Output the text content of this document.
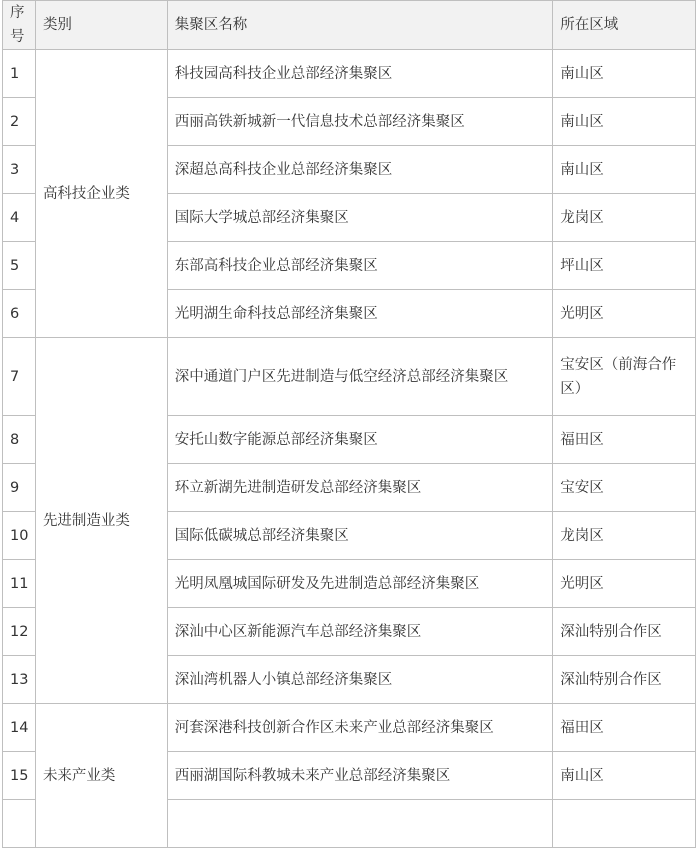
序号	类别	集聚区名称	所在区域
1	高科技企业类	科技园高科技企业总部经济集聚区	南山区
2		西丽高铁新城新一代信息技术总部经济集聚区	南山区
3		深超总高科技企业总部经济集聚区	南山区
4		国际大学城总部经济集聚区	龙岗区
5		东部高科技企业总部经济集聚区	坪山区
6		光明湖生命科技总部经济集聚区	光明区
7	先进制造业类	深中通道门户区先进制造与低空经济总部经济集聚区	宝安区（前海合作区）
8		安托山数字能源总部经济集聚区	福田区
9		环立新湖先进制造研发总部经济集聚区	宝安区
10		国际低碳城总部经济集聚区	龙岗区
11		光明凤凰城国际研发及先进制造总部经济集聚区	光明区
12		深汕中心区新能源汽车总部经济集聚区	深汕特别合作区
13		深汕湾机器人小镇总部经济集聚区	深汕特别合作区
14	未来产业类	河套深港科技创新合作区未来产业总部经济集聚区	福田区
15		西丽湖国际科教城未来产业总部经济集聚区	南山区
